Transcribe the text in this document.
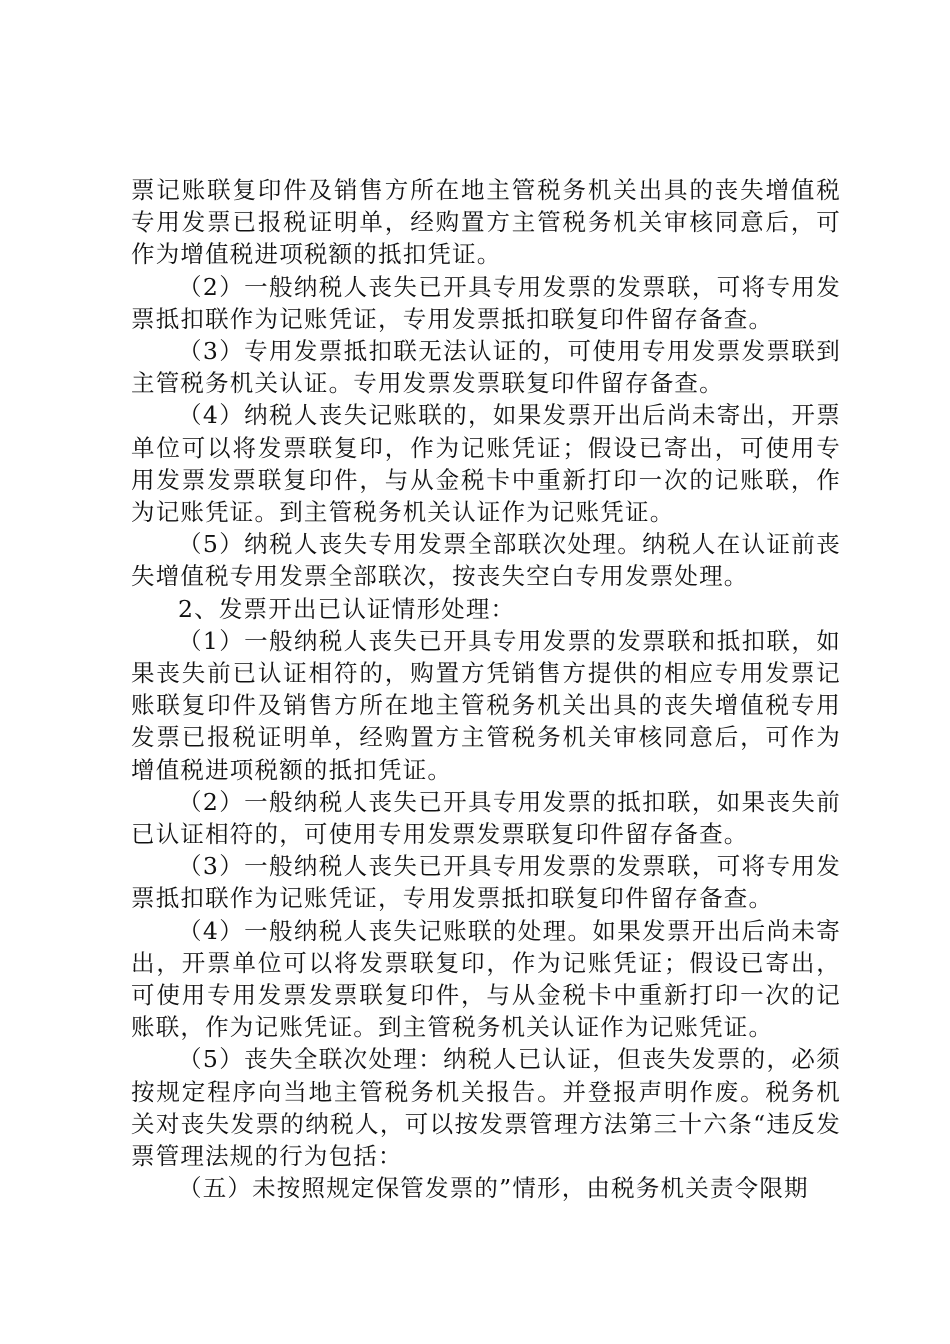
票记账联复印件及销售方所在地主管税务机关出具的丧失增值税专用发票已报税证明单，经购置方主管税务机关审核同意后，可作为增值税进项税额的抵扣凭证。

（2）一般纳税人丧失已开具专用发票的发票联，可将专用发票抵扣联作为记账凭证，专用发票抵扣联复印件留存备查。

（3）专用发票抵扣联无法认证的，可使用专用发票发票联到主管税务机关认证。专用发票发票联复印件留存备查。

（4）纳税人丧失记账联的，如果发票开出后尚未寄出，开票单位可以将发票联复印，作为记账凭证；假设已寄出，可使用专用发票发票联复印件，与从金税卡中重新打印一次的记账联，作为记账凭证。到主管税务机关认证作为记账凭证。

（5）纳税人丧失专用发票全部联次处理。纳税人在认证前丧失增值税专用发票全部联次，按丧失空白专用发票处理。

2、发票开出已认证情形处理：

（1）一般纳税人丧失已开具专用发票的发票联和抵扣联，如果丧失前已认证相符的，购置方凭销售方提供的相应专用发票记账联复印件及销售方所在地主管税务机关出具的丧失增值税专用发票已报税证明单，经购置方主管税务机关审核同意后，可作为增值税进项税额的抵扣凭证。

（2）一般纳税人丧失已开具专用发票的抵扣联，如果丧失前已认证相符的，可使用专用发票发票联复印件留存备查。

（3）一般纳税人丧失已开具专用发票的发票联，可将专用发票抵扣联作为记账凭证，专用发票抵扣联复印件留存备查。

（4）一般纳税人丧失记账联的处理。如果发票开出后尚未寄出，开票单位可以将发票联复印，作为记账凭证；假设已寄出，可使用专用发票发票联复印件，与从金税卡中重新打印一次的记账联，作为记账凭证。到主管税务机关认证作为记账凭证。

（5）丧失全联次处理：纳税人已认证，但丧失发票的，必须按规定程序向当地主管税务机关报告。并登报声明作废。税务机关对丧失发票的纳税人，可以按发票管理方法第三十六条“违反发票管理法规的行为包括：

（五）未按照规定保管发票的”情形，由税务机关责令限期
